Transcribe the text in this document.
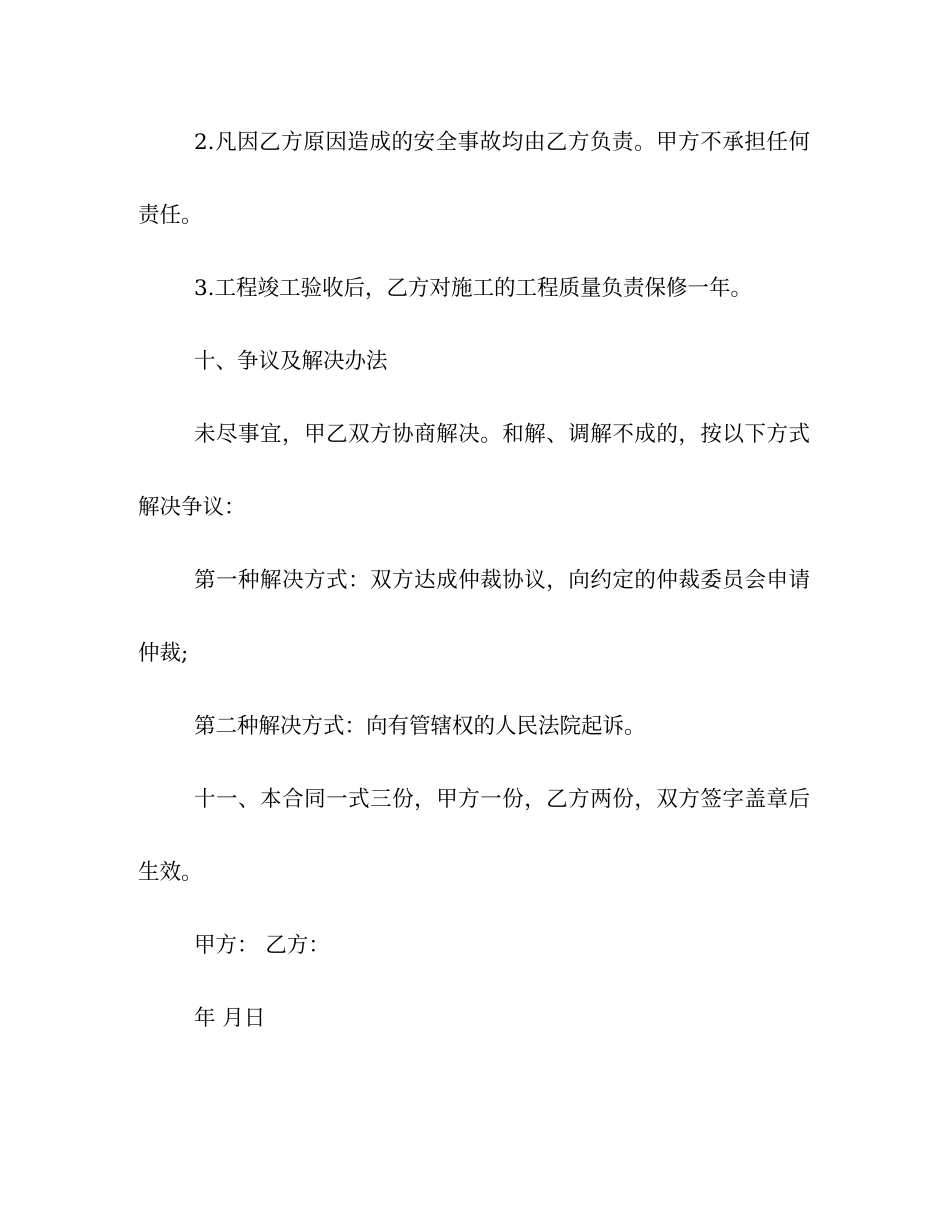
2.凡因乙方原因造成的安全事故均由乙方负责。甲方不承担任何
责任。
3.工程竣工验收后，乙方对施工的工程质量负责保修一年。
十、争议及解决办法
未尽事宜，甲乙双方协商解决。和解、调解不成的，按以下方式
解决争议：
第一种解决方式：双方达成仲裁协议，向约定的仲裁委员会申请
仲裁;
第二种解决方式：向有管辖权的人民法院起诉。
十一、本合同一式三份，甲方一份，乙方两份，双方签字盖章后
生效。
甲方： 乙方：
年 月日
